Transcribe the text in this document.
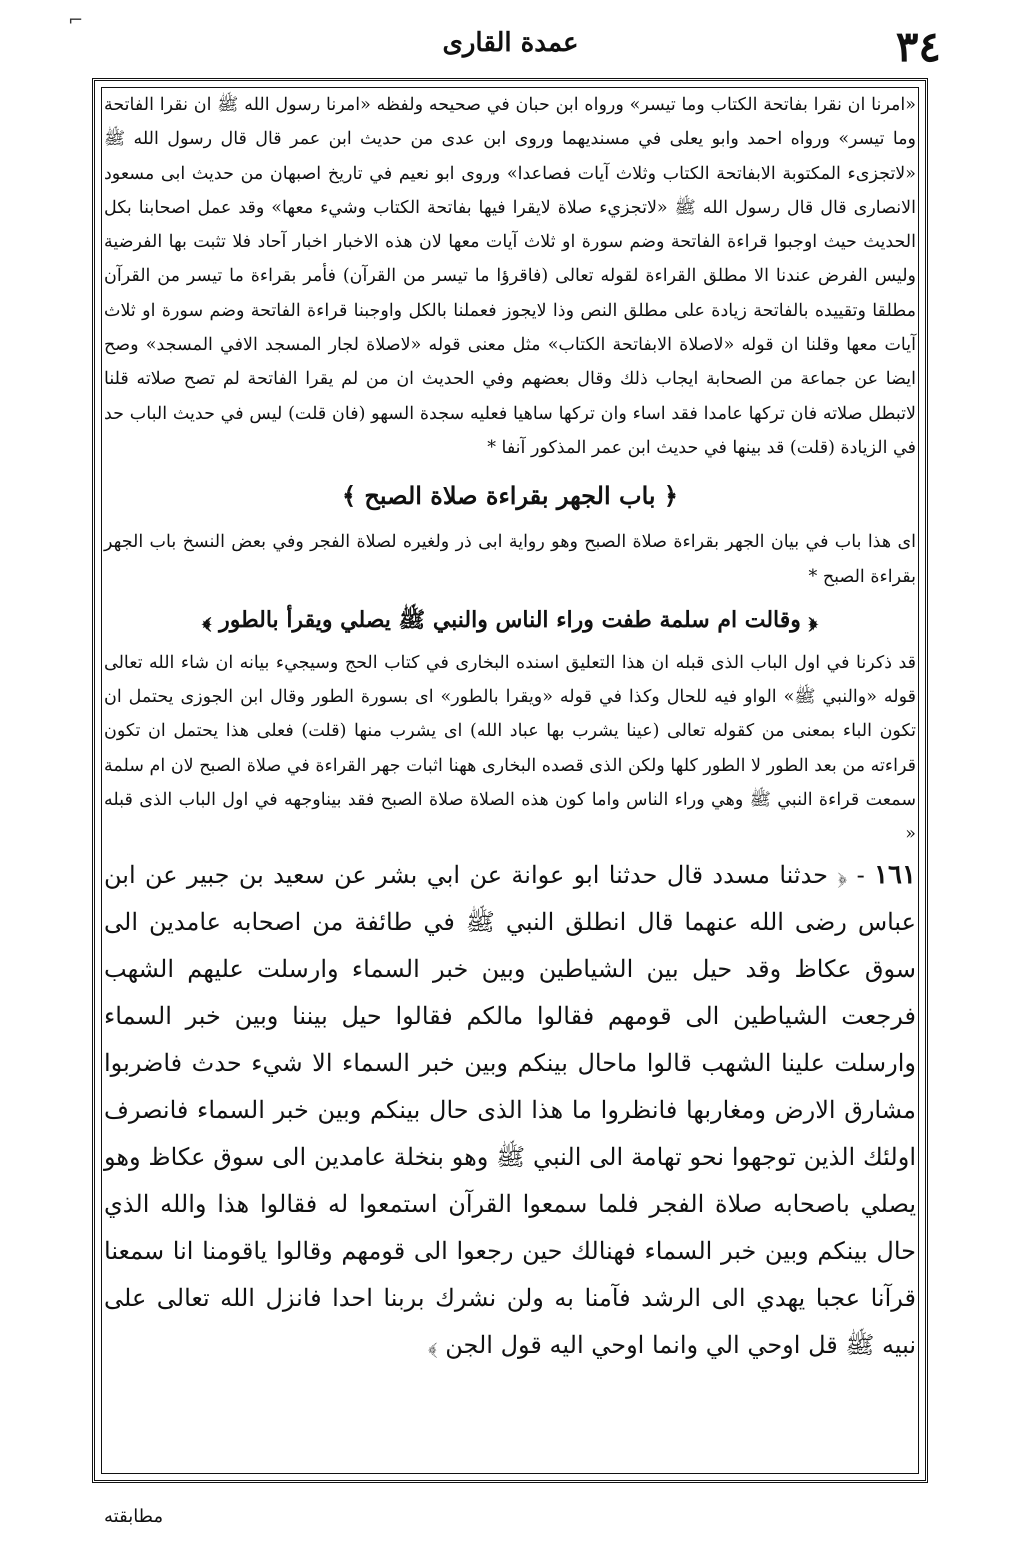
⌐
٣٤
عمدة القاری

«امرنا ان نقرا بفاتحة الكتاب وما تيسر» ورواه ابن حبان في صحيحه ولفظه «امرنا رسول الله ﷺ ان نقرا الفاتحة وما تيسر» ورواه احمد وابو يعلى في مسنديهما وروى ابن عدى من حديث ابن عمر قال قال رسول الله ﷺ «لاتجزىء المكتوبة الابفاتحة الكتاب وثلاث آيات فصاعدا» وروى ابو نعيم في تاريخ اصبهان من حديث ابى مسعود الانصارى قال قال رسول الله ﷺ «لاتجزيء صلاة لايقرا فيها بفاتحة الكتاب وشيء معها» وقد عمل اصحابنا بكل الحديث حيث اوجبوا قراءة الفاتحة وضم سورة او ثلاث آيات معها لان هذه الاخبار اخبار آحاد فلا تثبت بها الفرضية وليس الفرض عندنا الا مطلق القراءة لقوله تعالى (فاقرؤا ما تيسر من القرآن) فأمر بقراءة ما تيسر من القرآن مطلقا وتقييده بالفاتحة زيادة على مطلق النص وذا لايجوز فعملنا بالكل واوجبنا قراءة الفاتحة وضم سورة او ثلاث آيات معها وقلنا ان قوله «لاصلاة الابفاتحة الكتاب» مثل معنى قوله «لاصلاة لجار المسجد الافي المسجد» وصح ايضا عن جماعة من الصحابة ايجاب ذلك وقال بعضهم وفي الحديث ان من لم يقرا الفاتحة لم تصح صلاته قلنا لاتبطل صلاته فان تركها عامدا فقد اساء وان تركها ساهيا فعليه سجدة السهو (فان قلت) ليس في حديث الباب حد في الزيادة (قلت) قد بينها في حديث ابن عمر المذكور آنفا *

﴿ باب الجهر بقراءة صلاة الصبح ﴾

اى هذا باب في بيان الجهر بقراءة صلاة الصبح وهو رواية ابى ذر ولغيره لصلاة الفجر وفي بعض النسخ باب الجهر بقراءة الصبح *

﴿ وقالت ام سلمة طفت وراء الناس والنبي ﷺ يصلي ويقرأ بالطور ﴾

قد ذكرنا في اول الباب الذى قبله ان هذا التعليق اسنده البخارى في كتاب الحج وسيجيء بيانه ان شاء الله تعالى قوله «والنبي ﷺ» الواو فيه للحال وكذا في قوله «ويقرا بالطور» اى بسورة الطور وقال ابن الجوزى يحتمل ان تكون الباء بمعنى من كقوله تعالى (عينا يشرب بها عباد الله) اى يشرب منها (قلت) فعلى هذا يحتمل ان تكون قراءته من بعد الطور لا الطور كلها ولكن الذى قصده البخارى ههنا اثبات جهر القراءة في صلاة الصبح لان ام سلمة سمعت قراءة النبي ﷺ وهي وراء الناس واما كون هذه الصلاة صلاة الصبح فقد بيناوجهه في اول الباب الذى قبله «

١٦١ - ﴿ حدثنا مسدد قال حدثنا ابو عوانة عن ابي بشر عن سعيد بن جبير عن ابن عباس رضى الله عنهما قال انطلق النبي ﷺ في طائفة من اصحابه عامدين الى سوق عكاظ وقد حيل بين الشياطين وبين خبر السماء وارسلت عليهم الشهب فرجعت الشياطين الى قومهم فقالوا مالكم فقالوا حيل بيننا وبين خبر السماء وارسلت علينا الشهب قالوا ماحال بينكم وبين خبر السماء الا شيء حدث فاضربوا مشارق الارض ومغاربها فانظروا ما هذا الذى حال بينكم وبين خبر السماء فانصرف اولئك الذين توجهوا نحو تهامة الى النبي ﷺ وهو بنخلة عامدين الى سوق عكاظ وهو يصلي باصحابه صلاة الفجر فلما سمعوا القرآن استمعوا له فقالوا هذا والله الذي حال بينكم وبين خبر السماء فهنالك حين رجعوا الى قومهم وقالوا ياقومنا انا سمعنا قرآنا عجبا يهدي الى الرشد فآمنا به ولن نشرك بربنا احدا فانزل الله تعالى على نبيه ﷺ قل اوحي الي وانما اوحي اليه قول الجن ﴾

مطابقته
